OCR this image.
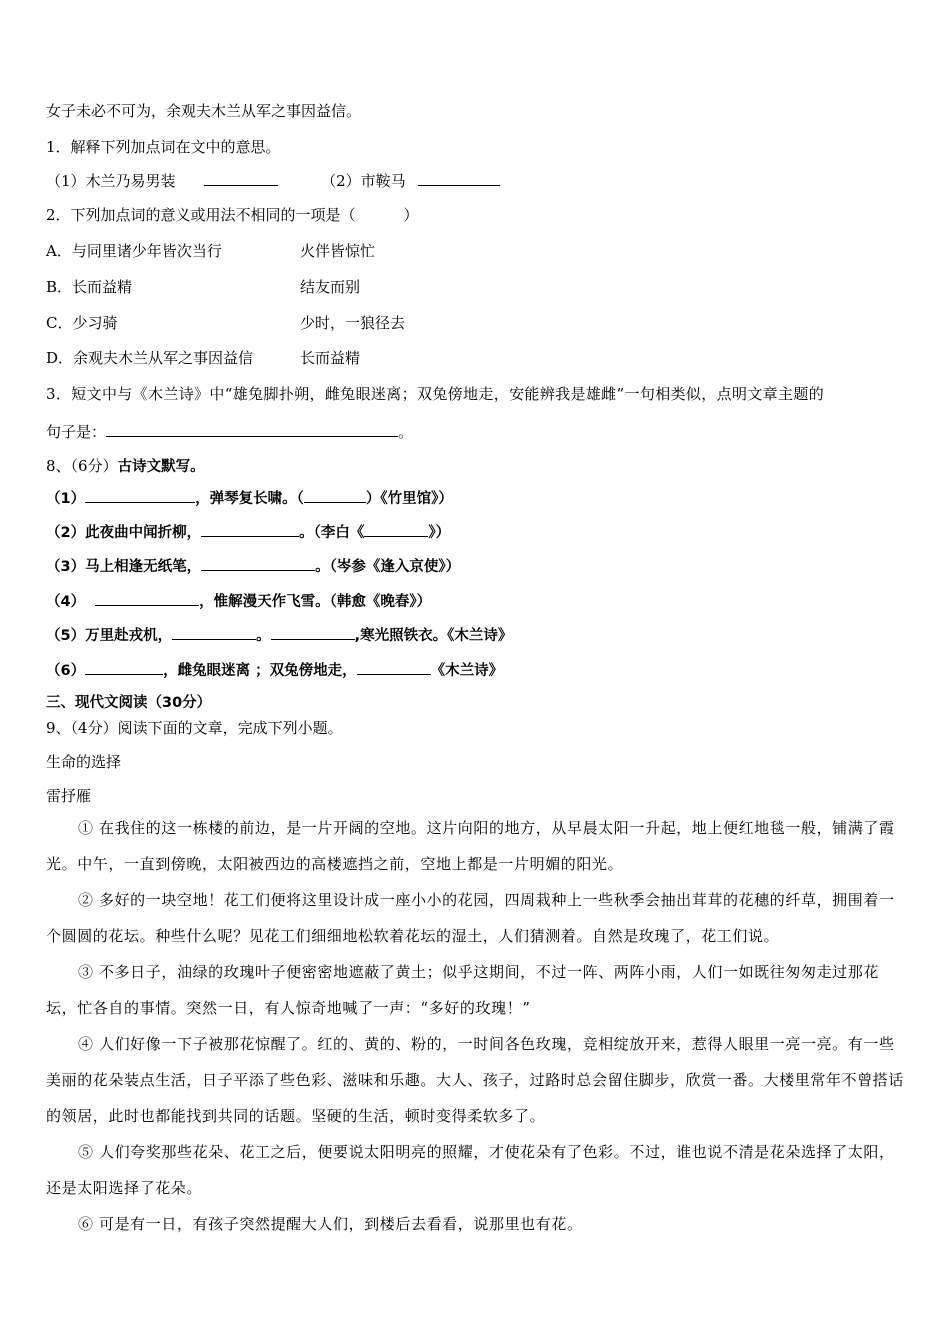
女子未必不可为，余观夫木兰从军之事因益信。
1．解释下列加点词在文中的意思。
（1）木兰乃易男装	（2）市鞍马
2．下列加点词的意义或用法不相同的一项是（	）
A．与同里诸少年皆次当行	火伴皆惊忙
B．长而益精	结友而别
C．少习骑	少时，一狼径去
D．余观夫木兰从军之事因益信	长而益精
3．短文中与《木兰诗》中“雄兔脚扑朔，雌兔眼迷离；双兔傍地走，安能辨我是雄雌”一句相类似，点明文章主题的
句子是：	。
8、（6分）古诗文默写。
（1）	，弹琴复长啸。（	）《竹里馆》）
（2）此夜曲中闻折柳，	。（李白《	》）
（3）马上相逢无纸笔，	。（岑参《逢入京使》）
（4）	，惟解漫天作飞雪。（韩愈《晚春》）
（5）万里赴戎机，	。	,寒光照铁衣。《木兰诗》
（6）	，雌兔眼迷离 ；双兔傍地走，	《木兰诗》
三、现代文阅读（30分）
9、（4分）阅读下面的文章，完成下列小题。
生命的选择
雷抒雁
① 在我住的这一栋楼的前边，是一片开阔的空地。这片向阳的地方，从早晨太阳一升起，地上便红地毯一般，铺满了霞光。中午，一直到傍晚，太阳被西边的高楼遮挡之前，空地上都是一片明媚的阳光。
② 多好的一块空地！花工们便将这里设计成一座小小的花园，四周栽种上一些秋季会抽出茸茸的花穗的纤草，拥围着一个圆圆的花坛。种些什么呢？见花工们细细地松软着花坛的湿土，人们猜测着。自然是玫瑰了，花工们说。
③ 不多日子，油绿的玫瑰叶子便密密地遮蔽了黄土；似乎这期间，不过一阵、两阵小雨，人们一如既往匆匆走过那花坛，忙各自的事情。突然一日，有人惊奇地喊了一声：“多好的玫瑰！”
④ 人们好像一下子被那花惊醒了。红的、黄的、粉的，一时间各色玫瑰，竞相绽放开来，惹得人眼里一亮一亮。有一些美丽的花朵装点生活，日子平添了些色彩、滋味和乐趣。大人、孩子，过路时总会留住脚步，欣赏一番。大楼里常年不曾搭话的领居，此时也都能找到共同的话题。坚硬的生活，顿时变得柔软多了。
⑤ 人们夸奖那些花朵、花工之后，便要说太阳明亮的照耀，才使花朵有了色彩。不过，谁也说不清是花朵选择了太阳，还是太阳选择了花朵。
⑥ 可是有一日，有孩子突然提醒大人们，到楼后去看看，说那里也有花。
